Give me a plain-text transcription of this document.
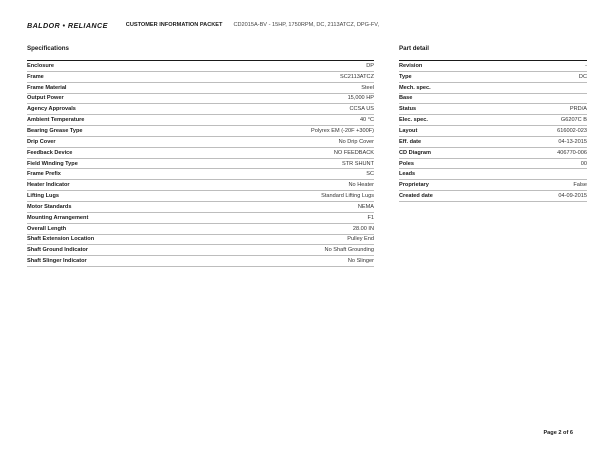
BALDOR • RELIANCE	CUSTOMER INFORMATION PACKET CD2015A-BV - 15HP, 1750RPM, DC, 2113ATCZ, DPG-FV,
Specifications
Enclosure	DP
Frame	SC2113ATCZ
Frame Material	Steel
Output Power	15,000 HP
Agency Approvals	CCSA US
Ambient Temperature	40 °C
Bearing Grease Type	Polyrex EM (-20F +300F)
Drip Cover	No Drip Cover
Feedback Device	NO FEEDBACK
Field Winding Type	STR SHUNT
Frame Prefix	SC
Heater Indicator	No Heater
Lifting Lugs	Standard Lifting Lugs
Motor Standards	NEMA
Mounting Arrangement	F1
Overall Length	28.00 IN
Shaft Extension Location	Pulley End
Shaft Ground Indicator	No Shaft Grounding
Shaft Slinger Indicator	No Slinger
Part detail
Revision	-
Type	DC
Mech. spec.
Base
Status	PRD/A
Elec. spec.	G6207C B
Layout	616002-023
Eff. date	04-13-2015
CD Diagram	406770-006
Poles	00
Leads
Proprietary	False
Created date	04-09-2015
Page 2 of 6
